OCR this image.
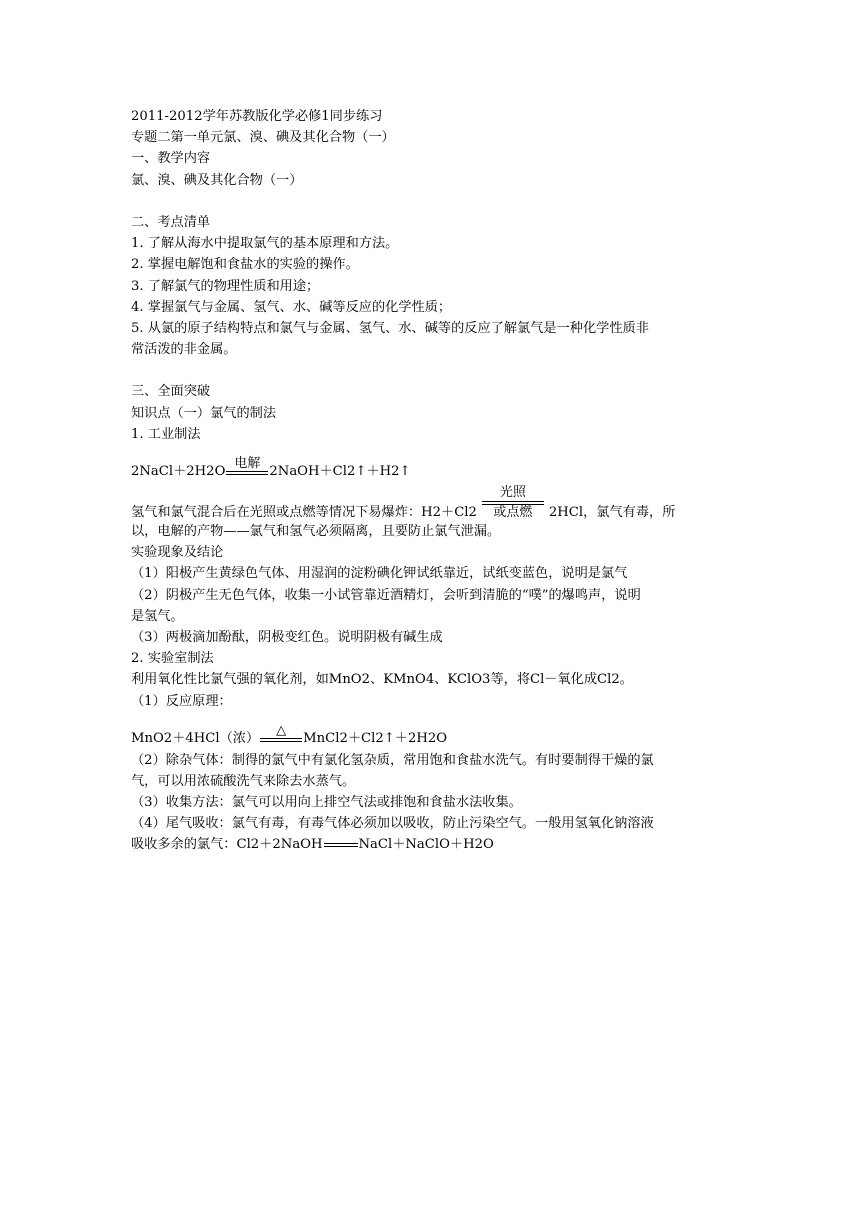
2011-2012学年苏教版化学必修1同步练习
专题二第一单元氯、溴、碘及其化合物（一）
一、教学内容
氯、溴、碘及其化合物（一）
二、考点清单
1. 了解从海水中提取氯气的基本原理和方法。
2. 掌握电解饱和食盐水的实验的操作。
3. 了解氯气的物理性质和用途；
4. 掌握氯气与金属、氢气、水、碱等反应的化学性质；
5. 从氯的原子结构特点和氯气与金属、氢气、水、碱等的反应了解氯气是一种化学性质非
常活泼的非金属。
三、全面突破
知识点（一）氯气的制法
1. 工业制法
2NaCl＋2H2O
电解
2NaOH＋Cl2↑＋H2↑
氢气和氯气混合后在光照或点燃等情况下易爆炸：H2＋Cl2
光照
或点燃 2HCl，氯气有毒，所
以，电解的产物——氯气和氢气必须隔离，且要防止氯气泄漏。
实验现象及结论
（1）阳极产生黄绿色气体、用湿润的淀粉碘化钾试纸靠近，试纸变蓝色，说明是氯气
（2）阴极产生无色气体，收集一小试管靠近酒精灯，会听到清脆的“噗”的爆鸣声，说明
是氢气。
（3）两极滴加酚酞，阴极变红色。说明阴极有碱生成
2. 实验室制法
利用氧化性比氯气强的氧化剂，如MnO2、KMnO4、KClO3等，将Cl－氧化成Cl2。
（1）反应原理：
MnO2＋4HCl（浓）
△
MnCl2＋Cl2↑＋2H2O
（2）除杂气体：制得的氯气中有氯化氢杂质，常用饱和食盐水洗气。有时要制得干燥的氯
气，可以用浓硫酸洗气来除去水蒸气。
（3）收集方法：氯气可以用向上排空气法或排饱和食盐水法收集。
（4）尾气吸收：氯气有毒，有毒气体必须加以吸收，防止污染空气。一般用氢氧化钠溶液
吸收多余的氯气：Cl2＋2NaOH	NaCl＋NaClO＋H2O
